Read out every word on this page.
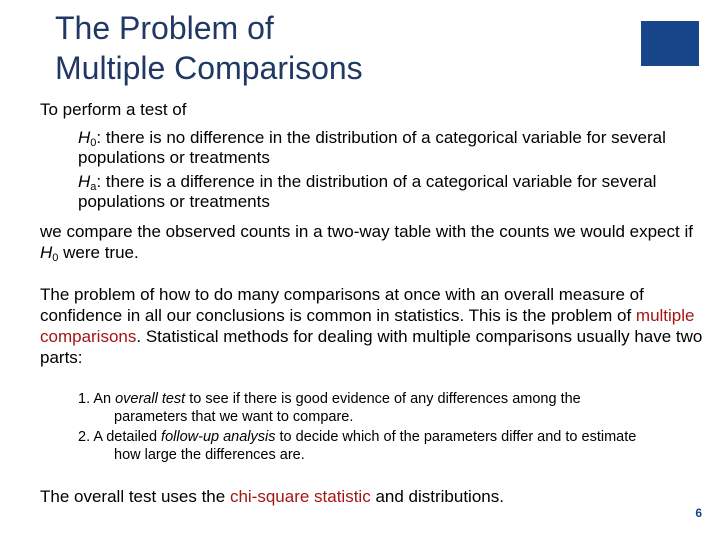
The Problem of
Multiple Comparisons

To perform a test of

$H_0$: there is no difference in the distribution of a categorical variable for several populations or treatments
$H_a$: there is a difference in the distribution of a categorical variable for several populations or treatments

we compare the observed counts in a two-way table with the counts we would expect if $H_0$ were true.

The problem of how to do many comparisons at once with an overall measure of confidence in all our conclusions is common in statistics. This is the problem of multiple comparisons. Statistical methods for dealing with multiple comparisons usually have two parts:

1. An overall test to see if there is good evidence of any differences among the
parameters that we want to compare.
2. A detailed follow-up analysis to decide which of the parameters differ and to estimate
how large the differences are.

The overall test uses the chi-square statistic and distributions.

6
